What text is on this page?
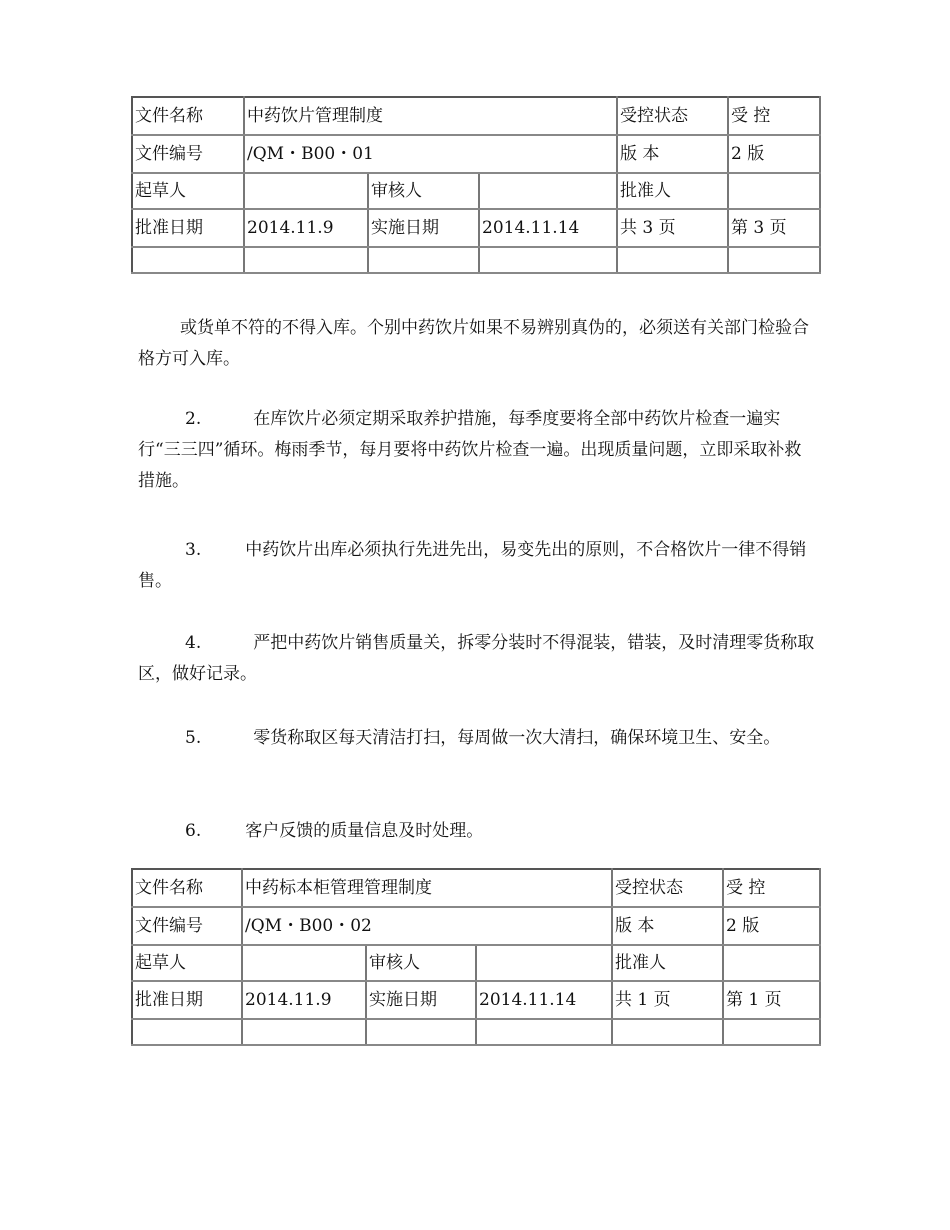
文件名称	中药饮片管理制度			受控状态	受 控
文件编号	/QM・B00・01			版 本	2 版
起草人		审核人		批准人	
批准日期	2014.11.9	实施日期	2014.11.14	共 3 页	第 3 页

或货单不符的不得入库。个别中药饮片如果不易辨别真伪的，必须送有关部门检验合格方可入库。

2.	在库饮片必须定期采取养护措施，每季度要将全部中药饮片检查一遍实行“三三四”循环。梅雨季节，每月要将中药饮片检查一遍。出现质量问题，立即采取补救措施。

3.	中药饮片出库必须执行先进先出，易变先出的原则，不合格饮片一律不得销售。

4.	严把中药饮片销售质量关，拆零分装时不得混装，错装，及时清理零货称取区，做好记录。

5.	零货称取区每天清洁打扫，每周做一次大清扫，确保环境卫生、安全。

6.	客户反馈的质量信息及时处理。

文件名称	中药标本柜管理管理制度			受控状态	受 控
文件编号	/QM・B00・02			版 本	2 版
起草人		审核人		批准人	
批准日期	2014.11.9	实施日期	2014.11.14	共 1 页	第 1 页
